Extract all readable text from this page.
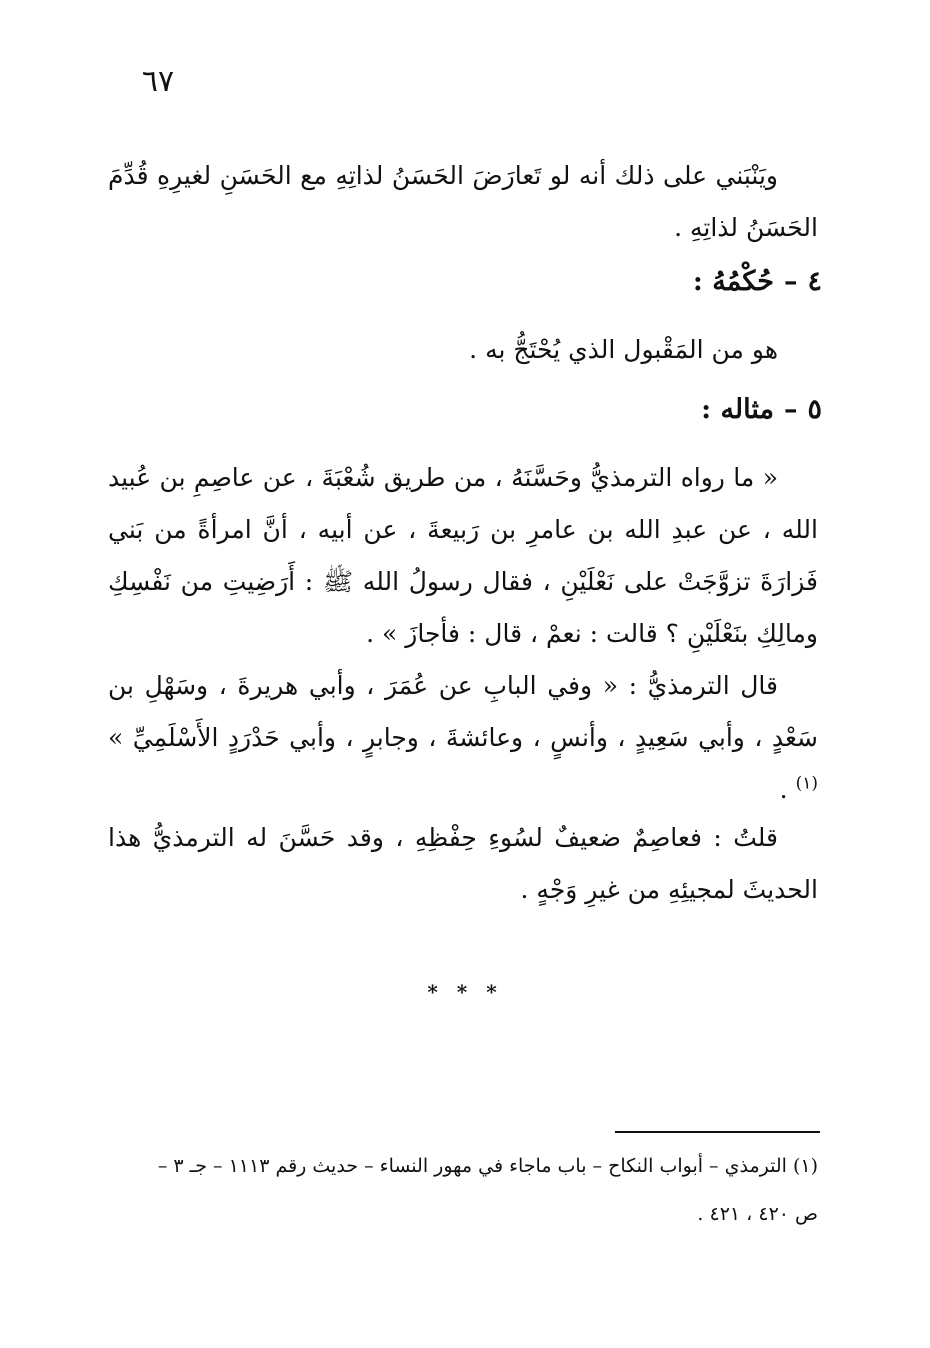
٦٧

ويَنْبَني على ذلك أنه لو تَعارَضَ الحَسَنُ لذاتِهِ مع الحَسَنِ لغيرِهِ قُدِّمَ الحَسَنُ لذاتِهِ .

٤–حُكْمُهُ :

هو من المَقْبول الذي يُحْتَجُّ به .

٥–مثاله :

« ما رواه الترمذيُّ وحَسَّنَهُ ، من طريق شُعْبَةَ ، عن عاصِمِ بن عُبيد الله ، عن عبدِ الله بن عامرِ بن رَبيعةَ ، عن أبيه ، أنَّ امرأةً من بَني فَزارَةَ تزوَّجَتْ على نَعْلَيْنِ ، فقال رسولُ الله ﷺ : أَرَضِيتِ من نَفْسِكِ ومالِكِ بنَعْلَيْنِ ؟ قالت : نعمْ ، قال : فأجازَ » .

قال الترمذيُّ : « وفي البابِ عن عُمَرَ ، وأبي هريرةَ ، وسَهْلِ بن سَعْدٍ ، وأبي سَعِيدٍ ، وأنسٍ ، وعائشةَ ، وجابرٍ ، وأبي حَدْرَدٍ الأَسْلَمِيِّ » $^{(١)}$ .

قلتُ : فعاصِمٌ ضعيفٌ لسُوءِ حِفْظِهِ ، وقد حَسَّنَ له الترمذيُّ هذا الحديثَ لمجيئِهِ من غيرِ وَجْهٍ .

* * *

(١) الترمذي – أبواب النكاح – باب ماجاء في مهور النساء – حديث رقم ١١١٣ – جـ ٣ –

ص ٤٢٠ ، ٤٢١ .
